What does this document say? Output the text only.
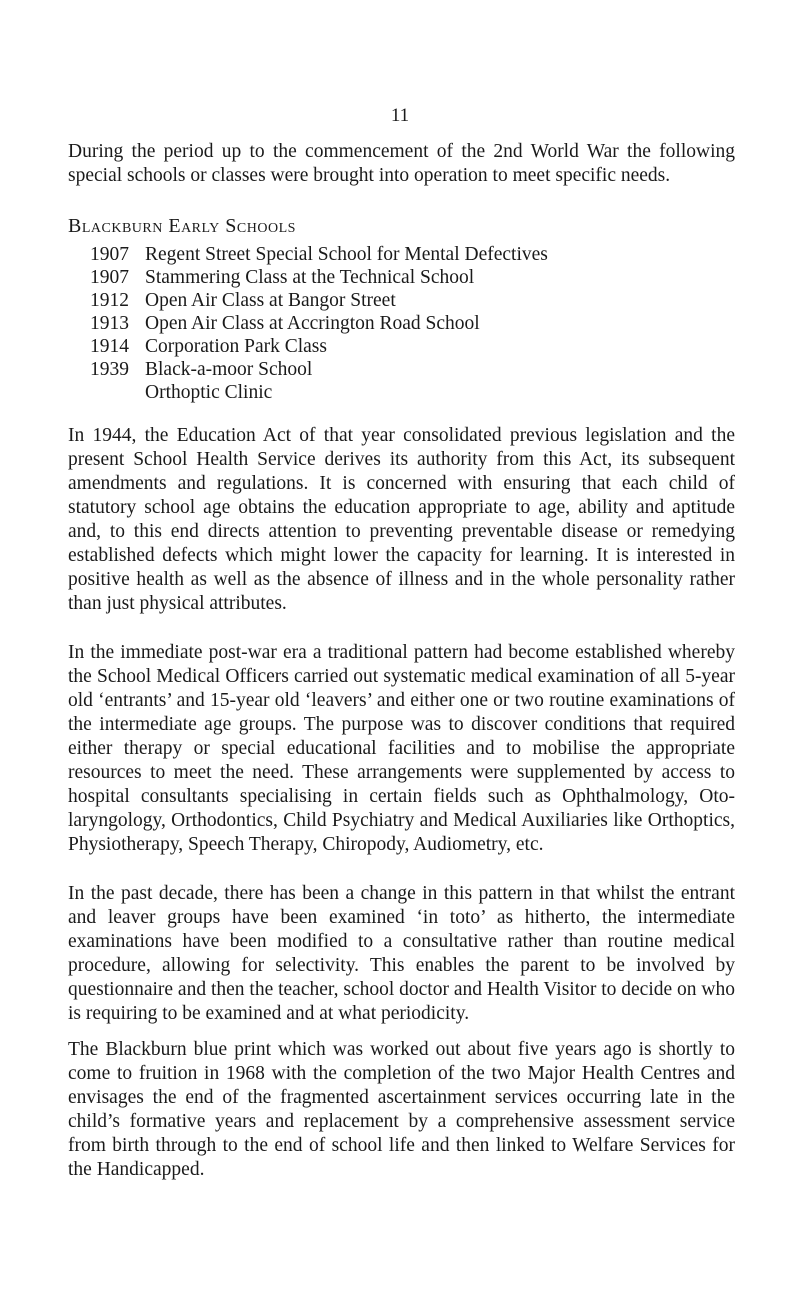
11

During the period up to the commencement of the 2nd World War the following special schools or classes were brought into operation to meet specific needs.

Blackburn Early Schools

1907 Regent Street Special School for Mental Defectives
1907 Stammering Class at the Technical School
1912 Open Air Class at Bangor Street
1913 Open Air Class at Accrington Road School
1914 Corporation Park Class
1939 Black-a-moor School
Orthoptic Clinic

In 1944, the Education Act of that year consolidated previous legislation and the present School Health Service derives its authority from this Act, its subsequent amendments and regulations. It is concerned with ensuring that each child of statutory school age obtains the education appropriate to age, ability and aptitude and, to this end directs attention to preventing preventable disease or remedying established defects which might lower the capacity for learning. It is interested in positive health as well as the absence of illness and in the whole personality rather than just physical attributes.

In the immediate post-war era a traditional pattern had become established whereby the School Medical Officers carried out systematic medical examination of all 5-year old ‘entrants’ and 15-year old ‘leavers’ and either one or two routine examinations of the intermediate age groups. The purpose was to discover conditions that required either therapy or special educational facilities and to mobilise the appropriate resources to meet the need. These arrangements were supplemented by access to hospital consultants specialising in certain fields such as Ophthalmology, Oto-laryngology, Orthodontics, Child Psychiatry and Medical Auxiliaries like Orthoptics, Physiotherapy, Speech Therapy, Chiropody, Audiometry, etc.

In the past decade, there has been a change in this pattern in that whilst the entrant and leaver groups have been examined ‘in toto’ as hitherto, the intermediate examinations have been modified to a consultative rather than routine medical procedure, allowing for selectivity. This enables the parent to be involved by questionnaire and then the teacher, school doctor and Health Visitor to decide on who is requiring to be examined and at what periodicity.

The Blackburn blue print which was worked out about five years ago is shortly to come to fruition in 1968 with the completion of the two Major Health Centres and envisages the end of the fragmented ascertainment services occurring late in the child’s formative years and replacement by a comprehensive assessment service from birth through to the end of school life and then linked to Welfare Services for the Handicapped.
